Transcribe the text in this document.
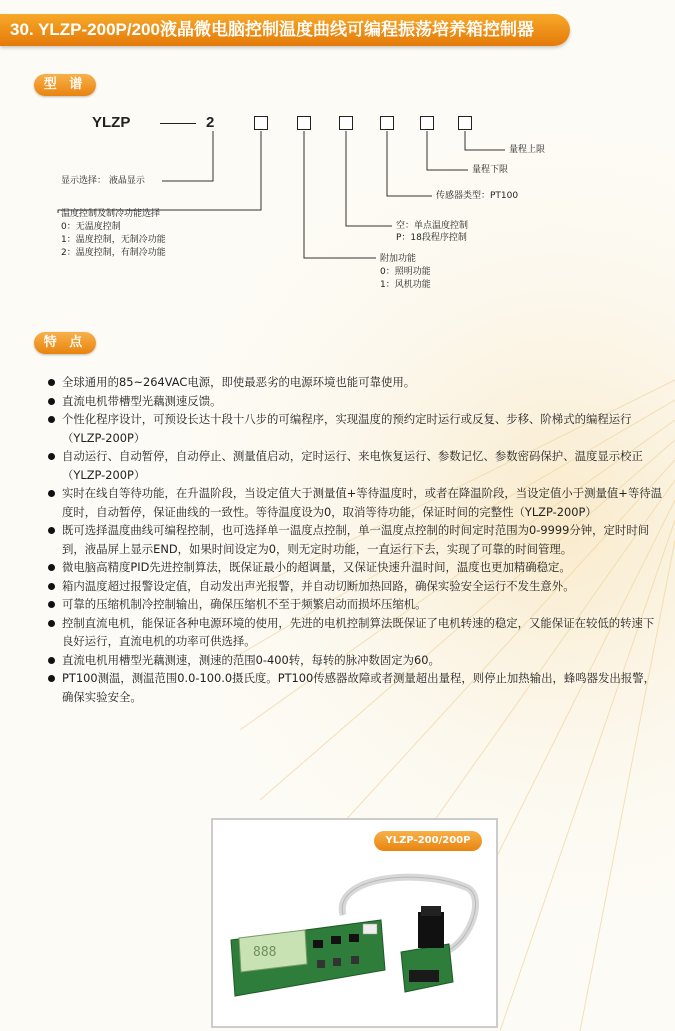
30. YLZP-200P/200液晶微电脑控制温度曲线可编程振荡培养箱控制器
型 谱
YLZP	2
量程上限
量程下限
传感器类型：PT100
显示选择： 液晶显示
空：单点温度控制
P：18段程序控制
温度控制及制冷功能选择
0：无温度控制
1：温度控制，无制冷功能
2：温度控制，有制冷功能
附加功能
0：照明功能
1：风机功能
特 点
全球通用的85~264VAC电源，即使最恶劣的电源环境也能可靠使用。
直流电机带槽型光藕测速反馈。
个性化程序设计，可预设长达十段十八步的可编程序，实现温度的预约定时运行或反复、步移、阶梯式的编程运行（YLZP-200P）
自动运行、自动暂停，自动停止、测量值启动，定时运行、来电恢复运行、参数记忆、参数密码保护、温度显示校正（YLZP-200P）
实时在线自等待功能，在升温阶段，当设定值大于测量值+等待温度时，或者在降温阶段，当设定值小于测量值+等待温度时，自动暂停，保证曲线的一致性。等待温度设为0，取消等待功能，保证时间的完整性（YLZP-200P）
既可选择温度曲线可编程控制，也可选择单一温度点控制，单一温度点控制的时间定时范围为0-9999分钟，定时时间到，液晶屏上显示END，如果时间设定为0，则无定时功能，一直运行下去，实现了可靠的时间管理。
微电脑高精度PID先进控制算法，既保证最小的超调量，又保证快速升温时间，温度也更加精确稳定。
箱内温度超过报警设定值，自动发出声光报警，并自动切断加热回路，确保实验安全运行不发生意外。
可靠的压缩机制冷控制输出，确保压缩机不至于频繁启动而损坏压缩机。
控制直流电机，能保证各种电源环境的使用，先进的电机控制算法既保证了电机转速的稳定，又能保证在较低的转速下良好运行，直流电机的功率可供选择。
直流电机用槽型光藕测速，测速的范围0-400转，每转的脉冲数固定为60。
PT100测温，测温范围0.0-100.0摄氏度。PT100传感器故障或者测量超出量程，则停止加热输出，蜂鸣器发出报警，确保实验安全。
888
YLZP-200/200P
